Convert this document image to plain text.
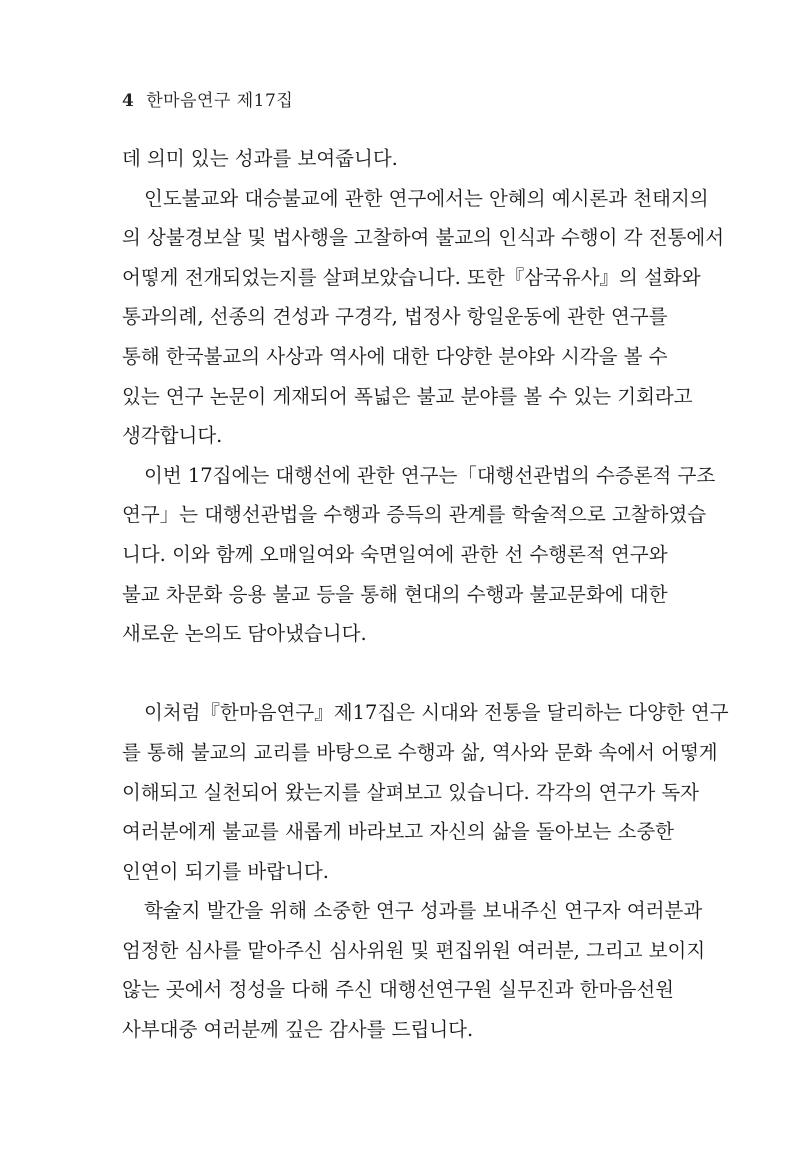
4 한마음연구 제17집
데 의미 있는 성과를 보여줍니다.
인도불교와 대승불교에 관한 연구에서는 안혜의 예시론과 천태지의
의 상불경보살 및 법사행을 고찰하여 불교의 인식과 수행이 각 전통에서
어떻게 전개되었는지를 살펴보았습니다. 또한『삼국유사』의 설화와
통과의례, 선종의 견성과 구경각, 법정사 항일운동에 관한 연구를
통해 한국불교의 사상과 역사에 대한 다양한 분야와 시각을 볼 수
있는 연구 논문이 게재되어 폭넓은 불교 분야를 볼 수 있는 기회라고
생각합니다.
이번 17집에는 대행선에 관한 연구는「대행선관법의 수증론적 구조
연구」는 대행선관법을 수행과 증득의 관계를 학술적으로 고찰하였습
니다. 이와 함께 오매일여와 숙면일여에 관한 선 수행론적 연구와
불교 차문화 응용 불교 등을 통해 현대의 수행과 불교문화에 대한
새로운 논의도 담아냈습니다.
이처럼『한마음연구』제17집은 시대와 전통을 달리하는 다양한 연구
를 통해 불교의 교리를 바탕으로 수행과 삶, 역사와 문화 속에서 어떻게
이해되고 실천되어 왔는지를 살펴보고 있습니다. 각각의 연구가 독자
여러분에게 불교를 새롭게 바라보고 자신의 삶을 돌아보는 소중한
인연이 되기를 바랍니다.
학술지 발간을 위해 소중한 연구 성과를 보내주신 연구자 여러분과
엄정한 심사를 맡아주신 심사위원 및 편집위원 여러분, 그리고 보이지
않는 곳에서 정성을 다해 주신 대행선연구원 실무진과 한마음선원
사부대중 여러분께 깊은 감사를 드립니다.
